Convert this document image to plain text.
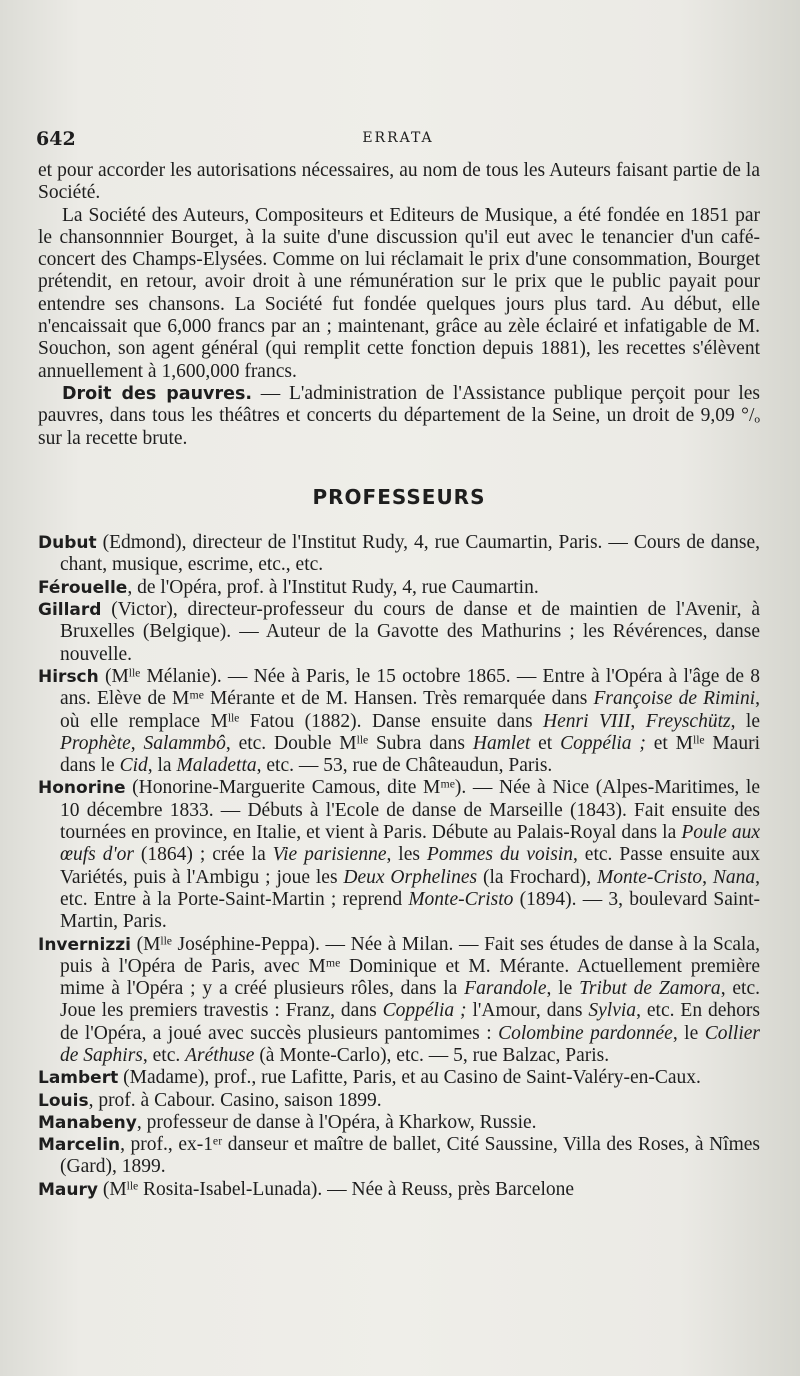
642	ERRATA

et pour accorder les autorisations nécessaires, au nom de tous les Auteurs faisant partie de la Société.

La Société des Auteurs, Compositeurs et Editeurs de Musique, a été fondée en 1851 par le chansonnnier Bourget, à la suite d'une discussion qu'il eut avec le tenancier d'un café-concert des Champs-Elysées. Comme on lui réclamait le prix d'une consommation, Bourget prétendit, en retour, avoir droit à une rémunération sur le prix que le public payait pour entendre ses chansons. La Société fut fondée quelques jours plus tard. Au début, elle n'encaissait que 6,000 francs par an ; maintenant, grâce au zèle éclairé et infatigable de M. Souchon, son agent général (qui remplit cette fonction depuis 1881), les recettes s'élèvent annuellement à 1,600,000 francs.

Droit des pauvres. — L'administration de l'Assistance publique perçoit pour les pauvres, dans tous les théâtres et concerts du département de la Seine, un droit de 9,09 °/ₒ sur la recette brute.

PROFESSEURS

Dubut (Edmond), directeur de l'Institut Rudy, 4, rue Caumartin, Paris. — Cours de danse, chant, musique, escrime, etc., etc.

Férouelle, de l'Opéra, prof. à l'Institut Rudy, 4, rue Caumartin.

Gillard (Victor), directeur-professeur du cours de danse et de maintien de l'Avenir, à Bruxelles (Belgique). — Auteur de la Gavotte des Mathurins ; les Révérences, danse nouvelle.

Hirsch (Mˡˡᵉ Mélanie). — Née à Paris, le 15 octobre 1865. — Entre à l'Opéra à l'âge de 8 ans. Elève de Mᵐᵉ Mérante et de M. Hansen. Très remarquée dans Françoise de Rimini, où elle remplace Mˡˡᵉ Fatou (1882). Danse ensuite dans Henri VIII, Freyschütz, le Prophète, Salammbô, etc. Double Mˡˡᵉ Subra dans Hamlet et Coppélia ; et Mˡˡᵉ Mauri dans le Cid, la Maladetta, etc. — 53, rue de Châteaudun, Paris.

Honorine (Honorine-Marguerite Camous, dite Mᵐᵉ). — Née à Nice (Alpes-Maritimes, le 10 décembre 1833. — Débuts à l'Ecole de danse de Marseille (1843). Fait ensuite des tournées en province, en Italie, et vient à Paris. Débute au Palais-Royal dans la Poule aux œufs d'or (1864) ; crée la Vie parisienne, les Pommes du voisin, etc. Passe ensuite aux Variétés, puis à l'Ambigu ; joue les Deux Orphelines (la Frochard), Monte-Cristo, Nana, etc. Entre à la Porte-Saint-Martin ; reprend Monte-Cristo (1894). — 3, boulevard Saint-Martin, Paris.

Invernizzi (Mˡˡᵉ Joséphine-Peppa). — Née à Milan. — Fait ses études de danse à la Scala, puis à l'Opéra de Paris, avec Mᵐᵉ Dominique et M. Mérante. Actuellement première mime à l'Opéra ; y a créé plusieurs rôles, dans la Farandole, le Tribut de Zamora, etc. Joue les premiers travestis : Franz, dans Coppélia ; l'Amour, dans Sylvia, etc. En dehors de l'Opéra, a joué avec succès plusieurs pantomimes : Colombine pardonnée, le Collier de Saphirs, etc. Aréthuse (à Monte-Carlo), etc. — 5, rue Balzac, Paris.

Lambert (Madame), prof., rue Lafitte, Paris, et au Casino de Saint-Valéry-en-Caux.

Louis, prof. à Cabour. Casino, saison 1899.

Manabeny, professeur de danse à l'Opéra, à Kharkow, Russie.

Marcelin, prof., ex-1ᵉʳ danseur et maître de ballet, Cité Saussine, Villa des Roses, à Nîmes (Gard), 1899.

Maury (Mˡˡᵉ Rosita-Isabel-Lunada). — Née à Reuss, près Barcelone
